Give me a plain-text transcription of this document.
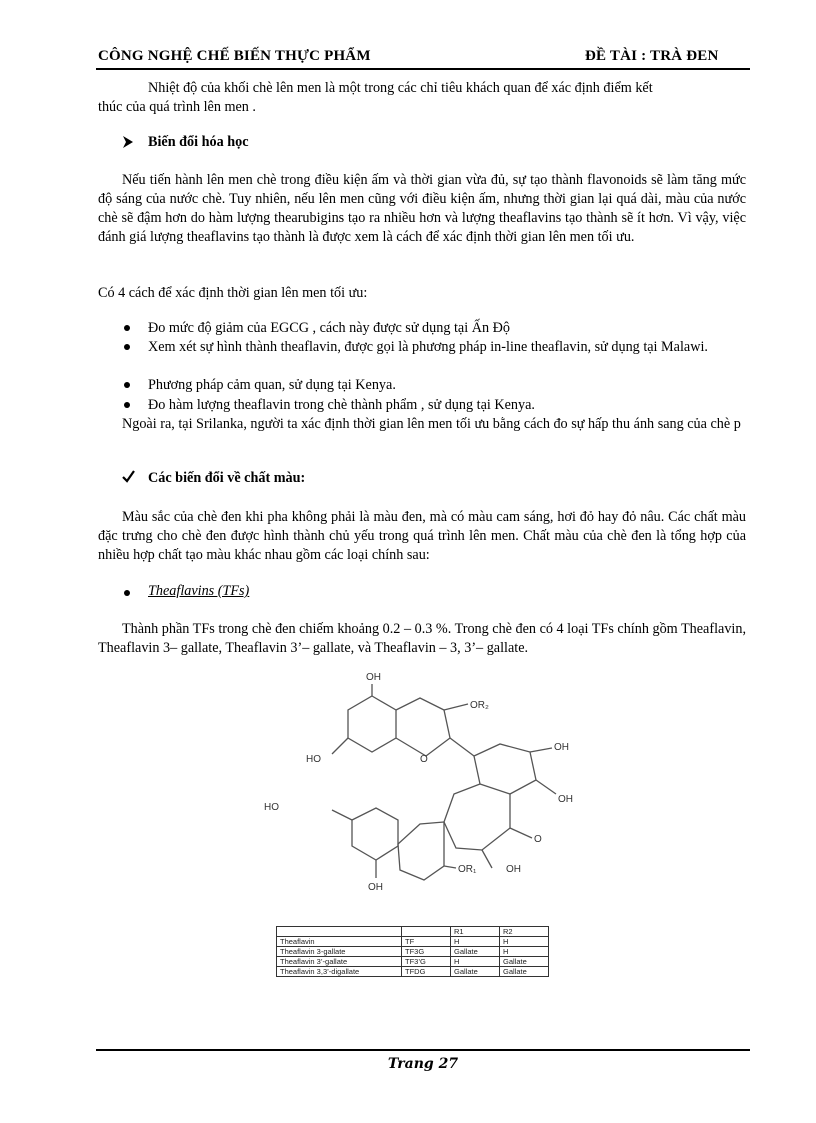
CÔNG NGHỆ CHẾ BIẾN THỰC PHẨM	ĐỀ TÀI : TRÀ ĐEN
Nhiệt độ của khối chè lên men là một trong các chỉ tiêu khách quan để xác định điểm kết
thúc của quá trình lên men .
Biến đổi hóa học
Nếu tiến hành lên men chè trong điều kiện ấm và thời gian vừa đủ, sự tạo thành flavonoids sẽ làm tăng mức độ sáng của nước chè. Tuy nhiên, nếu lên men cũng với điều kiện ấm, nhưng thời gian lại quá dài, màu của nước chè sẽ đậm hơn do hàm lượng thearubigins tạo ra nhiều hơn và lượng theaflavins tạo thành sẽ ít hơn. Vì vậy, việc đánh giá lượng theaflavins tạo thành là được xem là cách để xác định thời gian lên men tối ưu.
Có 4 cách để xác định thời gian lên men tối ưu:
Đo mức độ giảm của EGCG , cách này được sử dụng tại Ấn Độ
Xem xét sự hình thành theaflavin, được gọi là phương pháp in-line theaflavin, sử dụng tại Malawi.
Phương pháp cảm quan, sử dụng tại Kenya.
Đo hàm lượng theaflavin trong chè thành phẩm , sử dụng tại Kenya.
Ngoài ra, tại Srilanka, người ta xác định thời gian lên men tối ưu bằng cách đo sự hấp thu ánh sang của chè p
Các biến đổi về chất màu:
Màu sắc của chè đen khi pha không phải là màu đen, mà có màu cam sáng, hơi đỏ hay đỏ nâu. Các chất màu đặc trưng cho chè đen được hình thành chủ yếu trong quá trình lên men. Chất màu của chè đen là tổng hợp của nhiều hợp chất tạo màu khác nhau gồm các loại chính sau:
Theaflavins (TFs)
Thành phần TFs trong chè đen chiếm khoảng 0.2 – 0.3 %. Trong chè đen có 4 loại TFs chính gồm Theaflavin, Theaflavin 3– gallate, Theaflavin 3’– gallate, và Theaflavin – 3, 3’– gallate.
OH
HO
OR₂
O
OH
OH
HO
O
OR₁	OH
OH
		R1	R2
Theaflavin	TF	H	H
Theaflavin 3-gallate	TF3G	Gallate	H
Theaflavin 3’-gallate	TF3’G	H	Gallate
Theaflavin 3,3’-digallate	TFDG	Gallate	Gallate
Trang 27
